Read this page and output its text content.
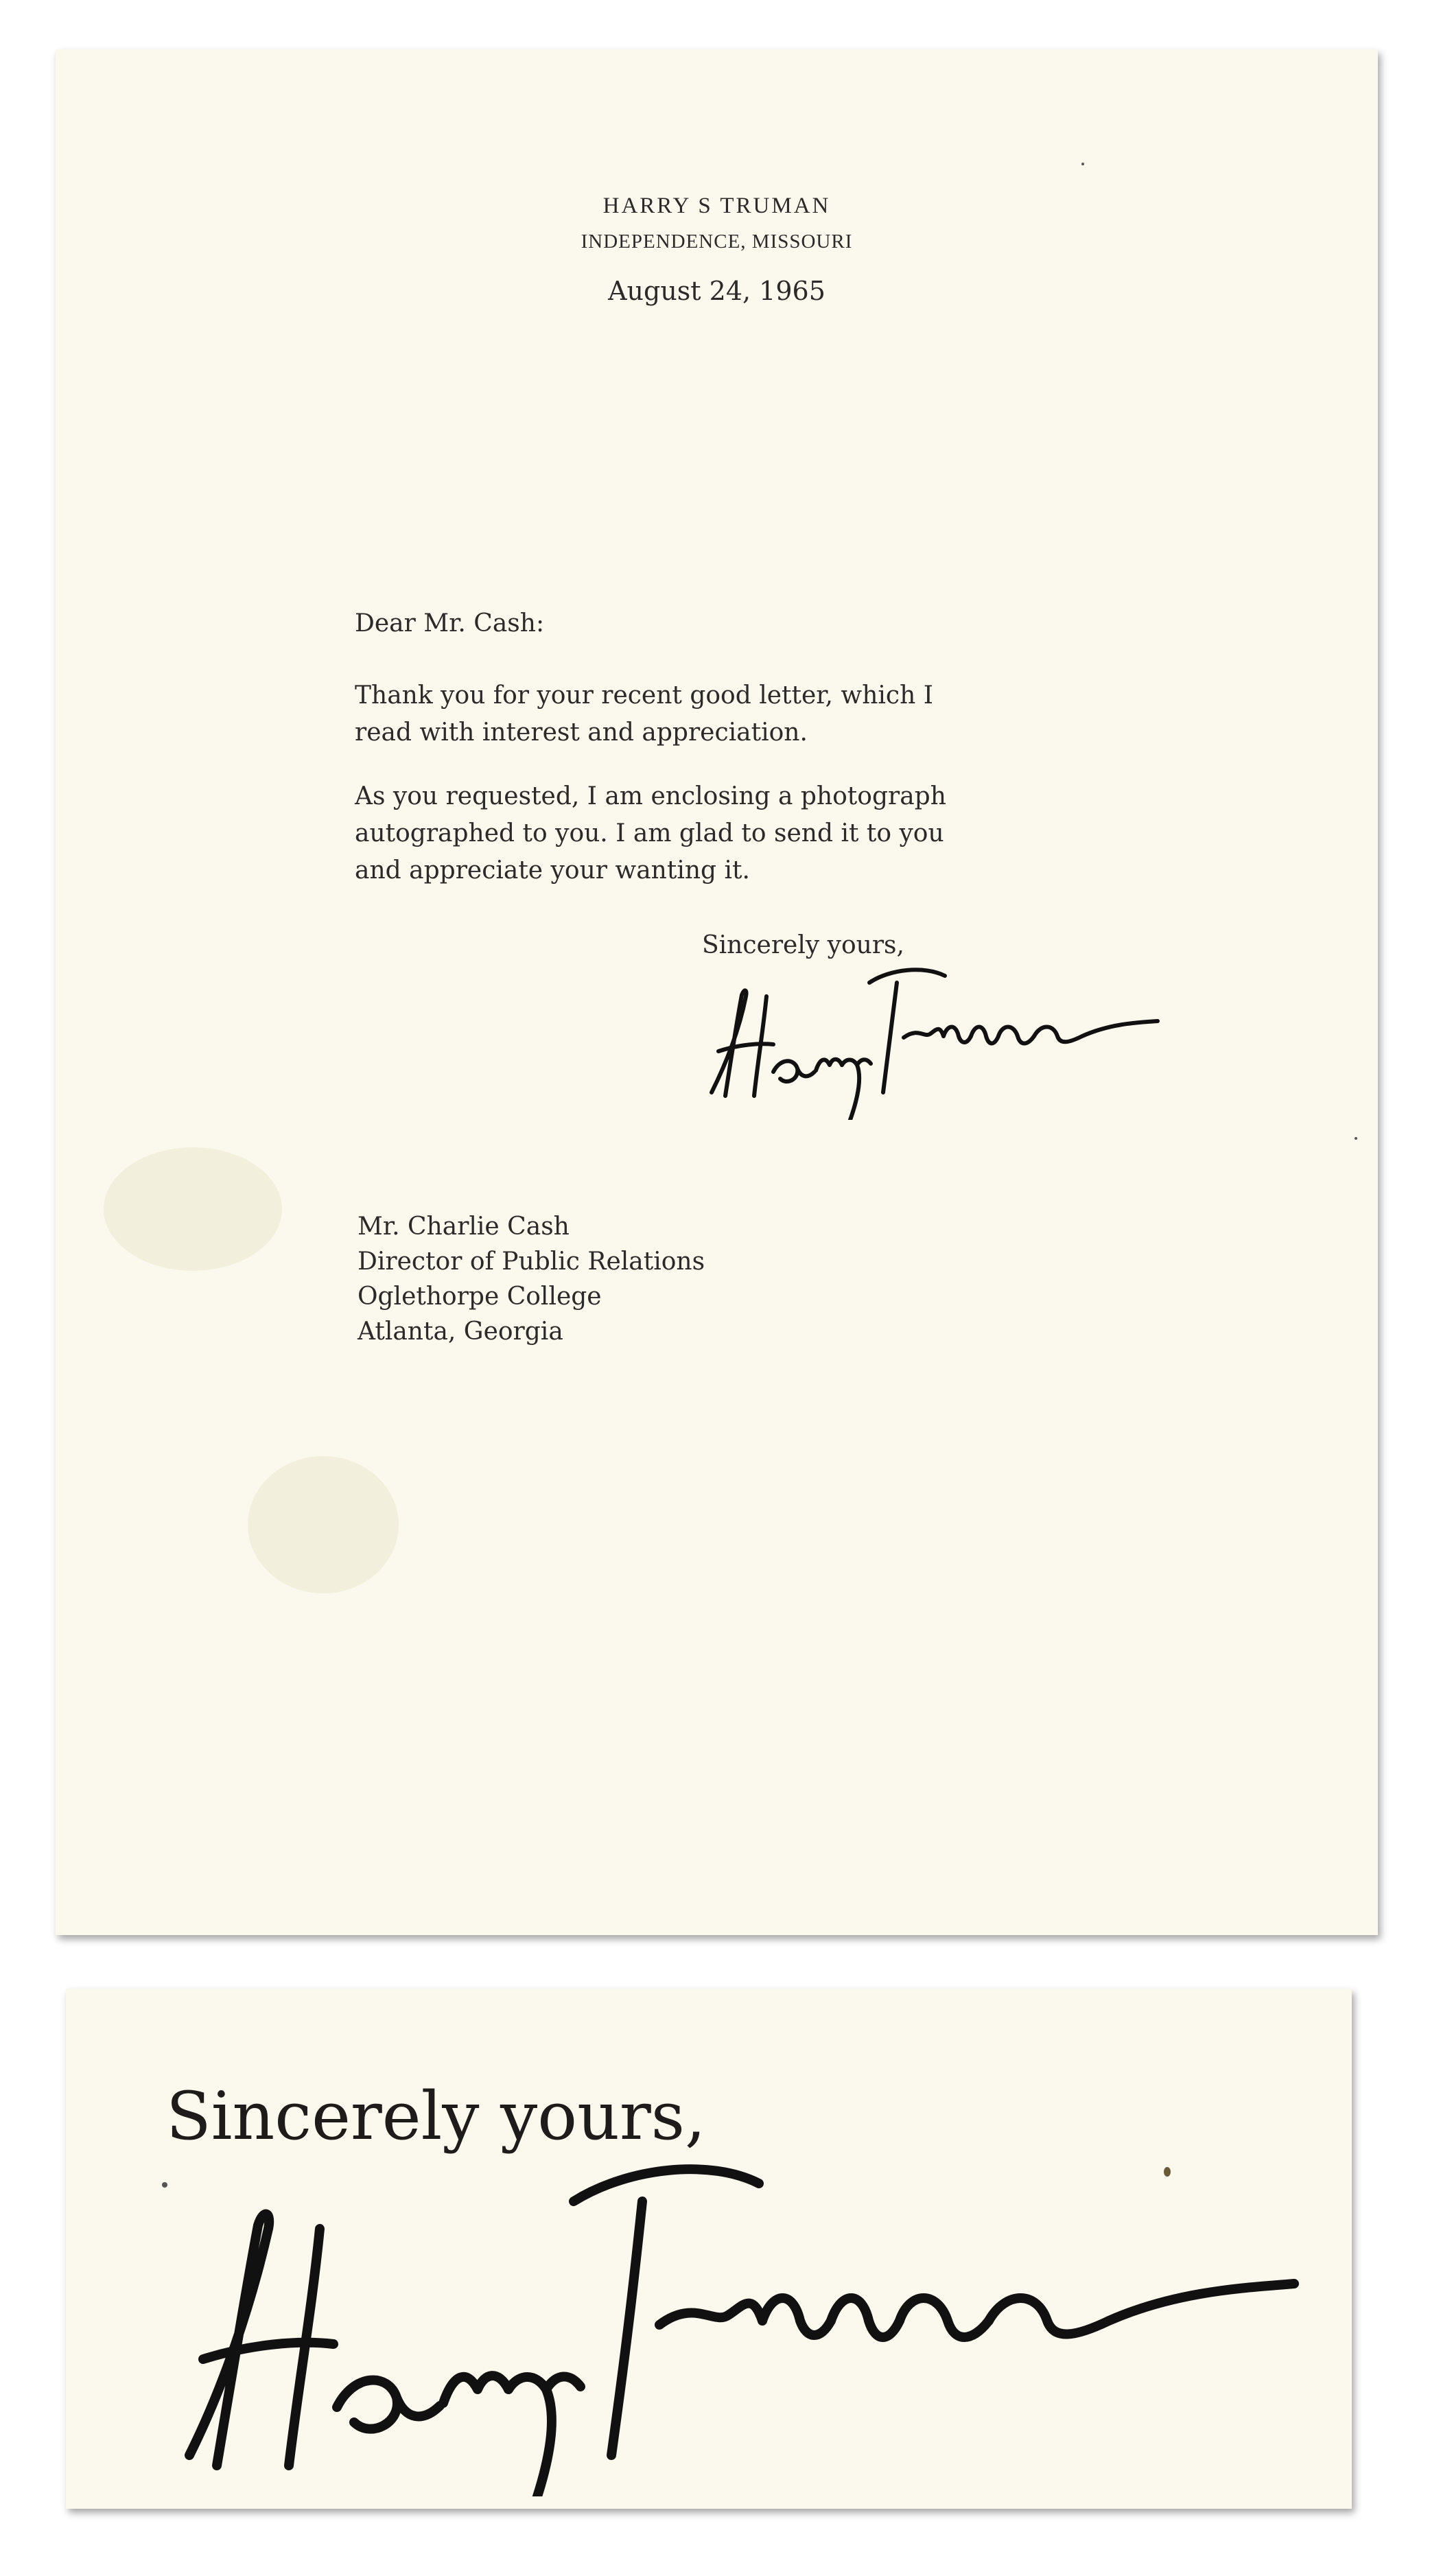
HARRY S TRUMAN
INDEPENDENCE, MISSOURI
August 24, 1965
Dear Mr. Cash:
Thank you for your recent good letter, which I
read with interest and appreciation.
As you requested, I am enclosing a photograph
autographed to you. I am glad to send it to you
and appreciate your wanting it.
Sincerely yours,
Mr. Charlie Cash
Director of Public Relations
Oglethorpe College
Atlanta, Georgia
Sincerely yours,
